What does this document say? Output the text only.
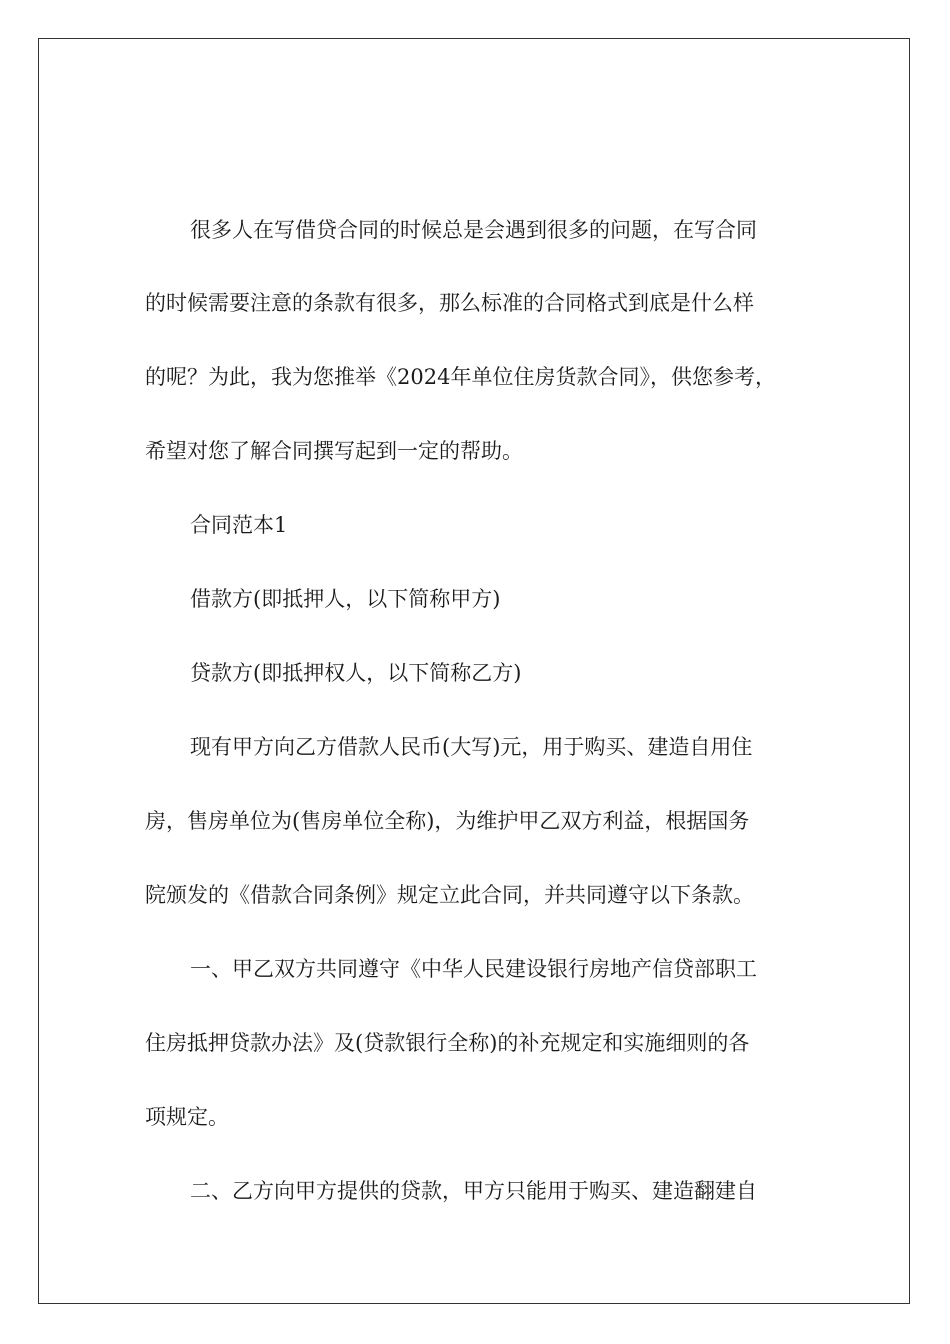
很多人在写借贷合同的时候总是会遇到很多的问题，在写合同
的时候需要注意的条款有很多，那么标准的合同格式到底是什么样
的呢？为此，我为您推举《2024年单位住房货款合同》，供您参考，
希望对您了解合同撰写起到一定的帮助。
合同范本1
借款方(即抵押人，以下简称甲方)
贷款方(即抵押权人，以下简称乙方)
现有甲方向乙方借款人民币(大写)元，用于购买、建造自用住
房，售房单位为(售房单位全称)，为维护甲乙双方利益，根据国务
院颁发的《借款合同条例》规定立此合同，并共同遵守以下条款。
一、甲乙双方共同遵守《中华人民建设银行房地产信贷部职工
住房抵押贷款办法》及(贷款银行全称)的补充规定和实施细则的各
项规定。
二、乙方向甲方提供的贷款，甲方只能用于购买、建造翻建自
